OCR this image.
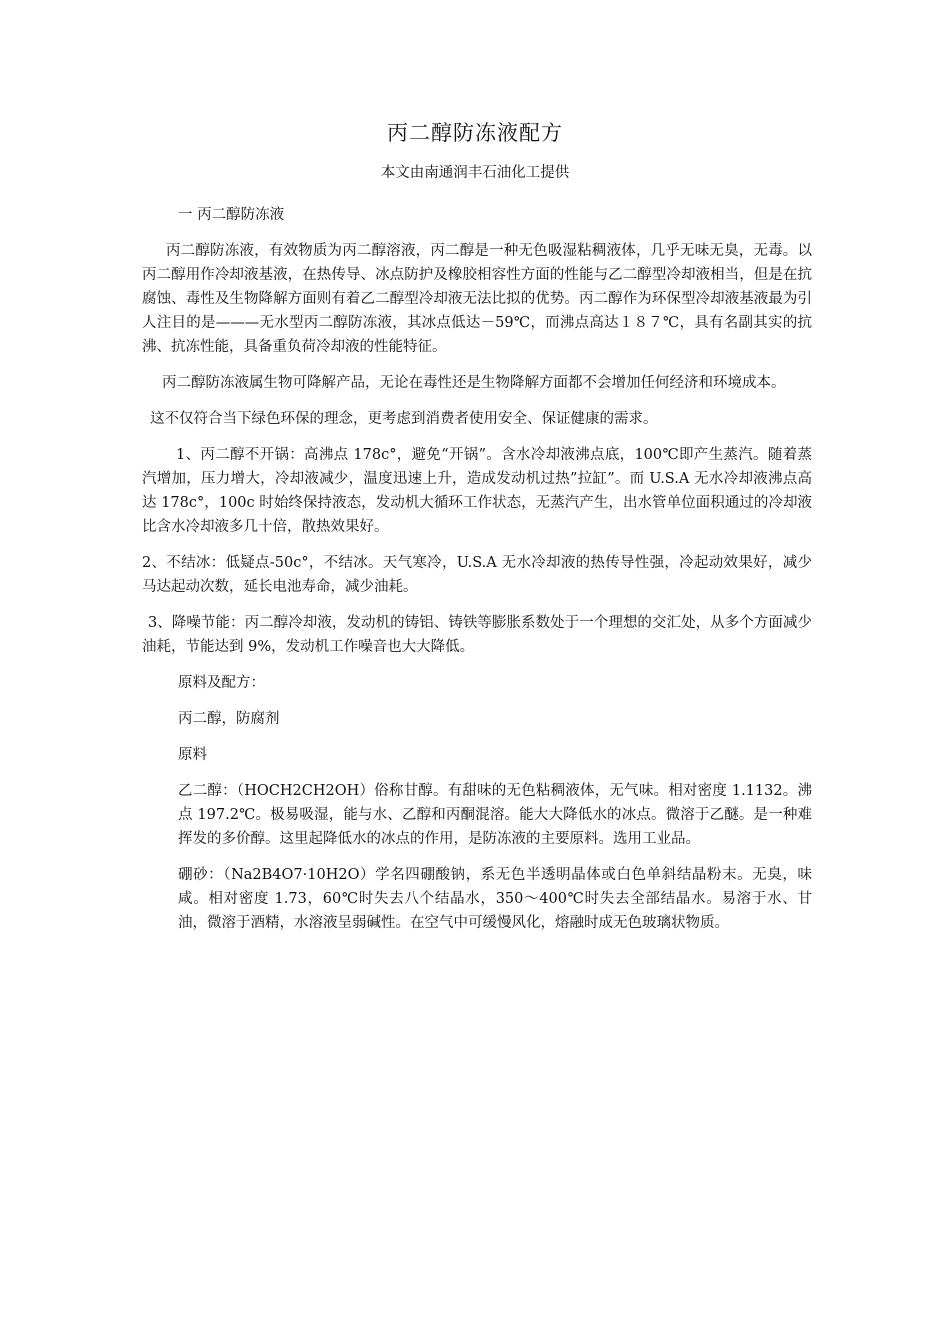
丙二醇防冻液配方
本文由南通润丰石油化工提供

一 丙二醇防冻液

丙二醇防冻液，有效物质为丙二醇溶液，丙二醇是一种无色吸湿粘稠液体，几乎无味无臭，无毒。以丙二醇用作冷却液基液，在热传导、冰点防护及橡胶相容性方面的性能与乙二醇型冷却液相当，但是在抗腐蚀、毒性及生物降解方面则有着乙二醇型冷却液无法比拟的优势。丙二醇作为环保型冷却液基液最为引人注目的是———无水型丙二醇防冻液，其冰点低达－59℃，而沸点高达１８７℃，具有名副其实的抗沸、抗冻性能，具备重负荷冷却液的性能特征。

丙二醇防冻液属生物可降解产品，无论在毒性还是生物降解方面都不会增加任何经济和环境成本。

这不仅符合当下绿色环保的理念，更考虑到消费者使用安全、保证健康的需求。

1、丙二醇不开锅：高沸点 178c°，避免“开锅”。含水冷却液沸点底，100℃即产生蒸汽。随着蒸汽增加，压力增大，冷却液减少，温度迅速上升，造成发动机过热”拉缸”。而 U.S.A 无水冷却液沸点高达 178c°，100c 时始终保持液态，发动机大循环工作状态，无蒸汽产生，出水管单位面积通过的冷却液比含水冷却液多几十倍，散热效果好。

2、不结冰：低疑点-50c°，不结冰。天气寒冷，U.S.A 无水冷却液的热传导性强，冷起动效果好，减少马达起动次数，延长电池寿命，减少油耗。

3、降噪节能：丙二醇冷却液，发动机的铸铝、铸铁等膨胀系数处于一个理想的交汇处，从多个方面减少油耗，节能达到 9%，发动机工作噪音也大大降低。

原料及配方：

丙二醇，防腐剂

原料

乙二醇：（HOCH2CH2OH）俗称甘醇。有甜味的无色粘稠液体，无气味。相对密度 1.1132。沸点 197.2℃。极易吸湿，能与水、乙醇和丙酮混溶。能大大降低水的冰点。微溶于乙醚。是一种难挥发的多价醇。这里起降低水的冰点的作用，是防冻液的主要原料。选用工业品。

硼砂：（Na2B4O7·10H2O）学名四硼酸钠，系无色半透明晶体或白色单斜结晶粉末。无臭，味咸。相对密度 1.73，60℃时失去八个结晶水，350～400℃时失去全部结晶水。易溶于水、甘油，微溶于酒精，水溶液呈弱碱性。在空气中可缓慢风化，熔融时成无色玻璃状物质。
